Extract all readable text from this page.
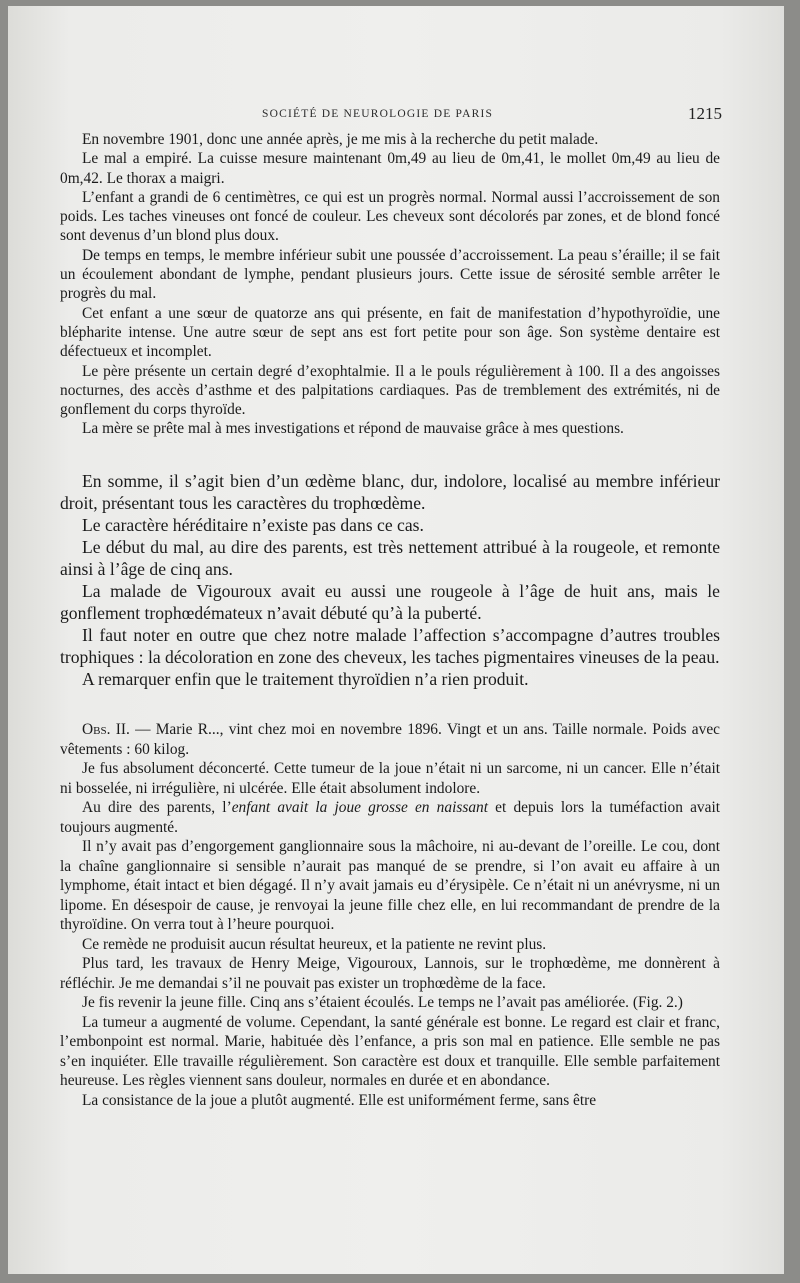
SOCIÉTÉ DE NEUROLOGIE DE PARIS	1215

En novembre 1901, donc une année après, je me mis à la recherche du petit malade.

Le mal a empiré. La cuisse mesure maintenant 0m,49 au lieu de 0m,41, le mollet 0m,49 au lieu de 0m,42. Le thorax a maigri.

L’enfant a grandi de 6 centimètres, ce qui est un progrès normal. Normal aussi l’accroissement de son poids. Les taches vineuses ont foncé de couleur. Les cheveux sont décolorés par zones, et de blond foncé sont devenus d’un blond plus doux.

De temps en temps, le membre inférieur subit une poussée d’accroissement. La peau s’éraille; il se fait un écoulement abondant de lymphe, pendant plusieurs jours. Cette issue de sérosité semble arrêter le progrès du mal.

Cet enfant a une sœur de quatorze ans qui présente, en fait de manifestation d’hypothyroïdie, une blépharite intense. Une autre sœur de sept ans est fort petite pour son âge. Son système dentaire est défectueux et incomplet.

Le père présente un certain degré d’exophtalmie. Il a le pouls régulièrement à 100. Il a des angoisses nocturnes, des accès d’asthme et des palpitations cardiaques. Pas de tremblement des extrémités, ni de gonflement du corps thyroïde.

La mère se prête mal à mes investigations et répond de mauvaise grâce à mes questions.

En somme, il s’agit bien d’un œdème blanc, dur, indolore, localisé au membre inférieur droit, présentant tous les caractères du trophœdème.

Le caractère héréditaire n’existe pas dans ce cas.

Le début du mal, au dire des parents, est très nettement attribué à la rougeole, et remonte ainsi à l’âge de cinq ans.

La malade de Vigouroux avait eu aussi une rougeole à l’âge de huit ans, mais le gonflement trophœdémateux n’avait débuté qu’à la puberté.

Il faut noter en outre que chez notre malade l’affection s’accompagne d’autres troubles trophiques : la décoloration en zone des cheveux, les taches pigmentaires vineuses de la peau.

A remarquer enfin que le traitement thyroïdien n’a rien produit.

Obs. II. — Marie R..., vint chez moi en novembre 1896. Vingt et un ans. Taille normale. Poids avec vêtements : 60 kilog.

Je fus absolument déconcerté. Cette tumeur de la joue n’était ni un sarcome, ni un cancer. Elle n’était ni bosselée, ni irrégulière, ni ulcérée. Elle était absolument indolore.

Au dire des parents, l’enfant avait la joue grosse en naissant et depuis lors la tuméfaction avait toujours augmenté.

Il n’y avait pas d’engorgement ganglionnaire sous la mâchoire, ni au-devant de l’oreille. Le cou, dont la chaîne ganglionnaire si sensible n’aurait pas manqué de se prendre, si l’on avait eu affaire à un lymphome, était intact et bien dégagé. Il n’y avait jamais eu d’érysipèle. Ce n’était ni un anévrysme, ni un lipome. En désespoir de cause, je renvoyai la jeune fille chez elle, en lui recommandant de prendre de la thyroïdine. On verra tout à l’heure pourquoi.

Ce remède ne produisit aucun résultat heureux, et la patiente ne revint plus.

Plus tard, les travaux de Henry Meige, Vigouroux, Lannois, sur le trophœdème, me donnèrent à réfléchir. Je me demandai s’il ne pouvait pas exister un trophœdème de la face.

Je fis revenir la jeune fille. Cinq ans s’étaient écoulés. Le temps ne l’avait pas améliorée. (Fig. 2.)

La tumeur a augmenté de volume. Cependant, la santé générale est bonne. Le regard est clair et franc, l’embonpoint est normal. Marie, habituée dès l’enfance, a pris son mal en patience. Elle semble ne pas s’en inquiéter. Elle travaille régulièrement. Son caractère est doux et tranquille. Elle semble parfaitement heureuse. Les règles viennent sans douleur, normales en durée et en abondance.

La consistance de la joue a plutôt augmenté. Elle est uniformément ferme, sans être
